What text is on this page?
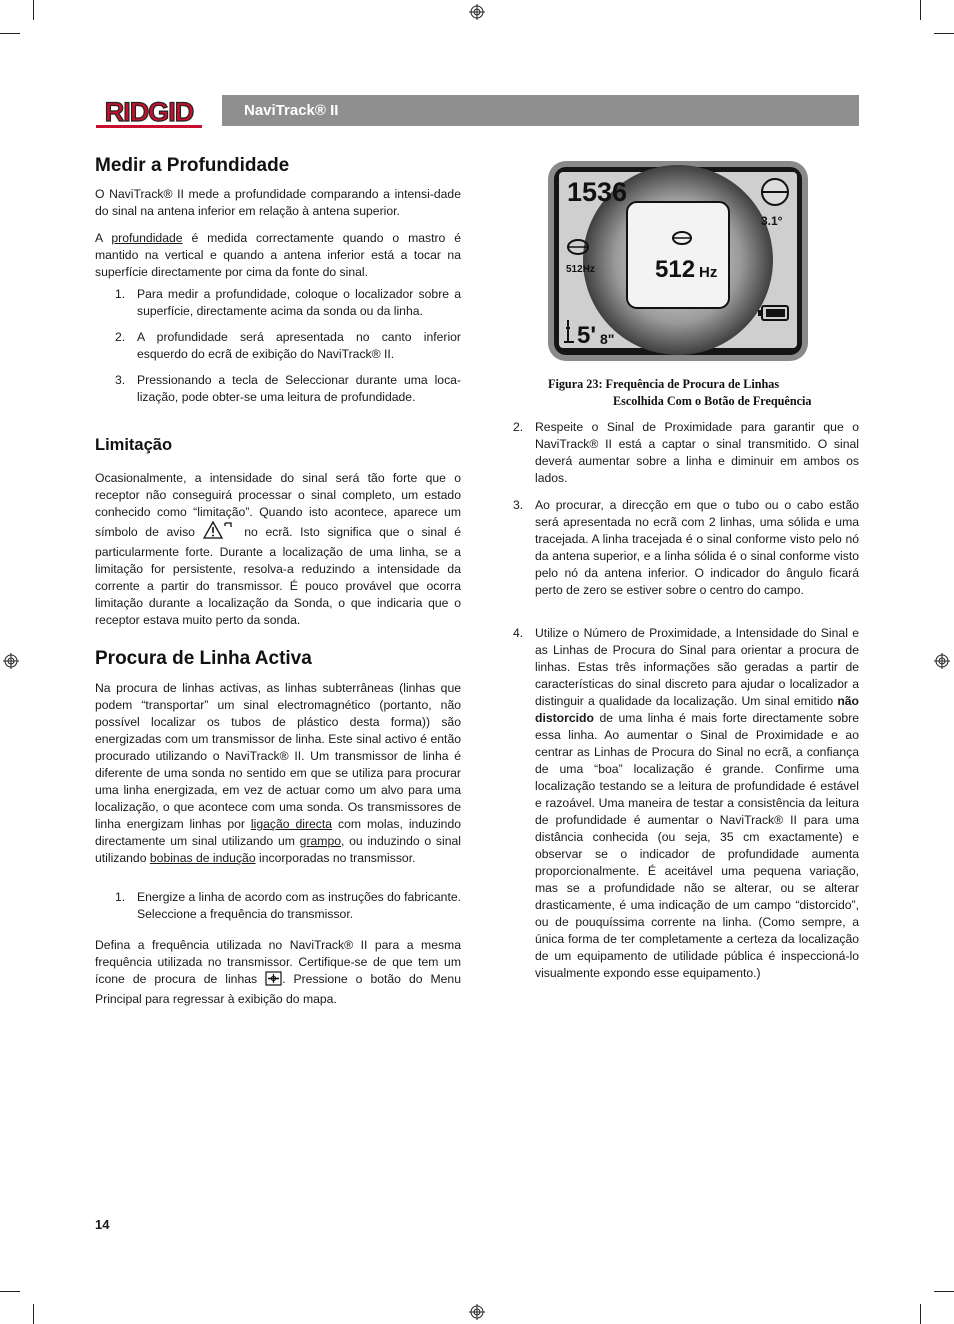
RIDGID	NaviTrack® II
Medir a Profundidade
O NaviTrack® II mede a profundidade comparando a intensi-dade do sinal na antena inferior em relação à antena superior.
A profundidade é medida correctamente quando o mastro é mantido na vertical e quando a antena inferior está a tocar na superfície directamente por cima da fonte do sinal.
1. Para medir a profundidade, coloque o localizador sobre a superfície, directamente acima da sonda ou da linha.
2. A profundidade será apresentada no canto inferior esquerdo do ecrã de exibição do NaviTrack® II.
3. Pressionando a tecla de Seleccionar durante uma loca-lização, pode obter-se uma leitura de profundidade.
Limitação
Ocasionalmente, a intensidade do sinal será tão forte que o receptor não conseguirá processar o sinal completo, um estado conhecido como “limitação”. Quando isto acontece, aparece um símbolo de aviso	no ecrã. Isto significa que o sinal é particularmente forte. Durante a localização de uma linha, se a limitação for persistente, resolva-a reduzindo a intensidade da corrente a partir do transmissor. É pouco provável que ocorra limitação durante a localização da Sonda, o que indicaria que o receptor estava muito perto da sonda.
Procura de Linha Activa
Na procura de linhas activas, as linhas subterrâneas (linhas que podem “transportar” um sinal electromagnético (portanto, não possível localizar os tubos de plástico desta forma)) são energizadas com um transmissor de linha. Este sinal activo é então procurado utilizando o NaviTrack® II. Um transmissor de linha é diferente de uma sonda no sentido em que se utiliza para procurar uma linha energizada, em vez de actuar como um alvo para uma localização, o que acontece com uma sonda. Os transmissores de linha energizam linhas por ligação directa com molas, induzindo directamente um sinal utilizando um grampo, ou induzindo o sinal utilizando bobinas de indução incorporadas no transmissor.
1. Energize a linha de acordo com as instruções do fabricante. Seleccione a frequência do transmissor.
Defina a frequência utilizada no NaviTrack® II para a mesma frequência utilizada no transmissor. Certifique-se de que tem um ícone de procura de linhas . Pressione o botão do Menu Principal para regressar à exibição do mapa.
1536
3.1°
512Hz	512 Hz
5' 8"
Figura 23: Frequência de Procura de Linhas
Escolhida Com o Botão de Frequência
2. Respeite o Sinal de Proximidade para garantir que o NaviTrack® II está a captar o sinal transmitido. O sinal deverá aumentar sobre a linha e diminuir em ambos os lados.
3. Ao procurar, a direcção em que o tubo ou o cabo estão será apresentada no ecrã com 2 linhas, uma sólida e uma tracejada. A linha tracejada é o sinal conforme visto pelo nó da antena superior, e a linha sólida é o sinal conforme visto pelo nó da antena inferior. O indicador do ângulo ficará perto de zero se estiver sobre o centro do campo.
4. Utilize o Número de Proximidade, a Intensidade do Sinal e as Linhas de Procura do Sinal para orientar a procura de linhas. Estas três informações são geradas a partir de características do sinal discreto para ajudar o localizador a distinguir a qualidade da localização. Um sinal emitido não distorcido de uma linha é mais forte directamente sobre essa linha. Ao aumentar o Sinal de Proximidade e ao centrar as Linhas de Procura do Sinal no ecrã, a confiança de uma “boa” localização é grande. Confirme uma localização testando se a leitura de profundidade é estável e razoável. Uma maneira de testar a consistência da leitura de profundidade é aumentar o NaviTrack® II para uma distância conhecida (ou seja, 35 cm exactamente) e observar se o indicador de profundidade aumenta proporcionalmente. É aceitável uma pequena variação, mas se a profundidade não se alterar, ou se alterar drasticamente, é uma indicação de um campo “distorcido”, ou de pouquíssima corrente na linha. (Como sempre, a única forma de ter completamente a certeza da localização de um equipamento de utilidade pública é inspeccioná-lo visualmente expondo esse equipamento.)
14
